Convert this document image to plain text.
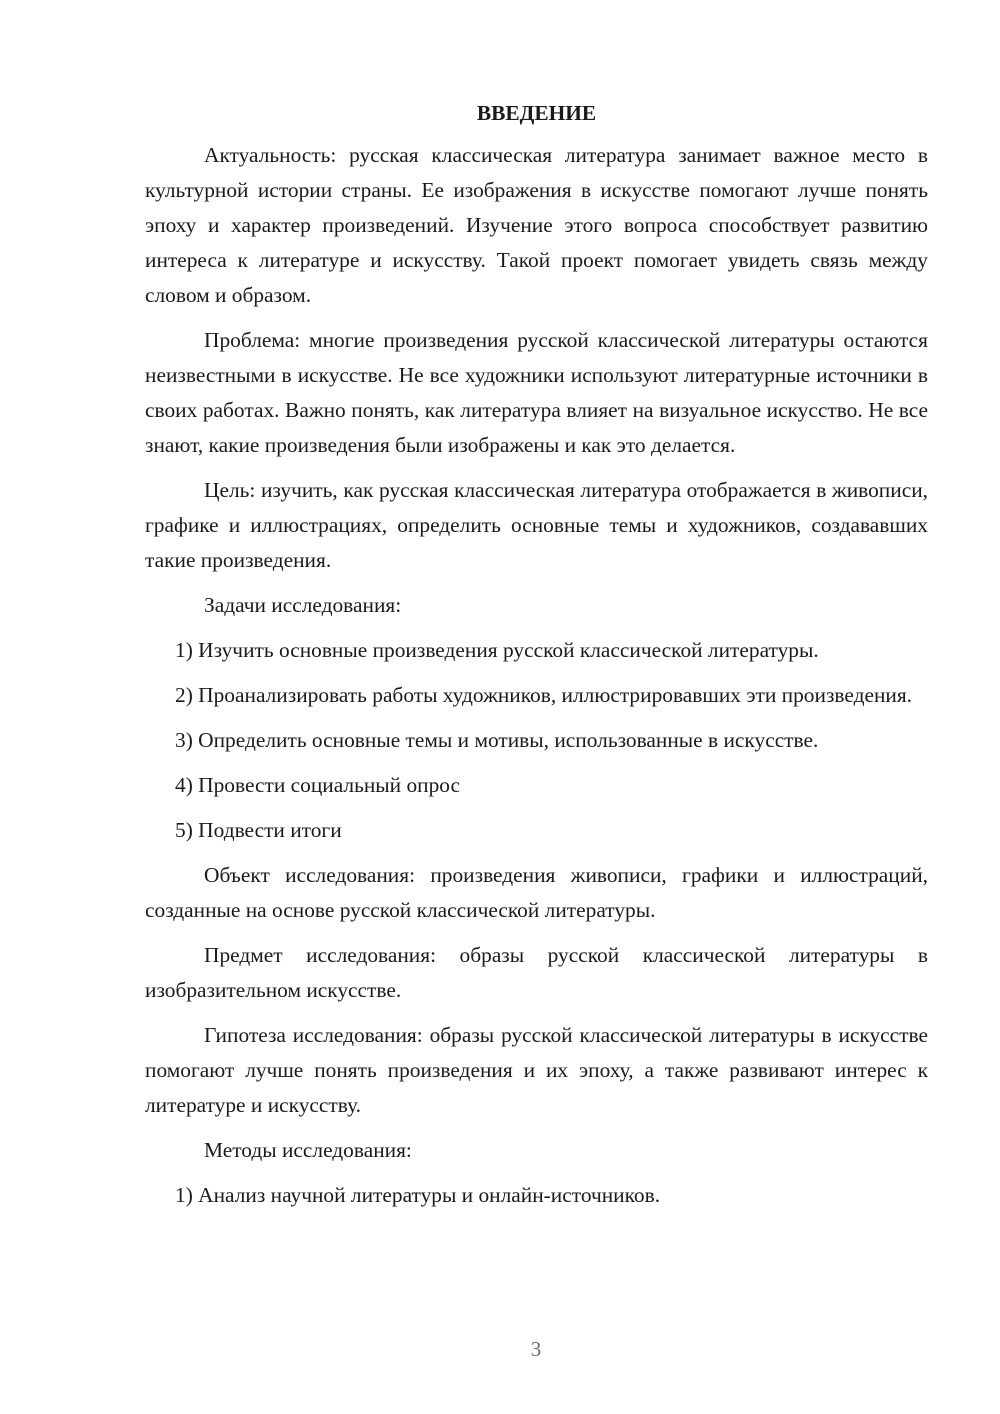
ВВЕДЕНИЕ

Актуальность: русская классическая литература занимает важное место в культурной истории страны. Ее изображения в искусстве помогают лучше понять эпоху и характер произведений. Изучение этого вопроса способствует развитию интереса к литературе и искусству. Такой проект помогает увидеть связь между словом и образом.

Проблема: многие произведения русской классической литературы остаются неизвестными в искусстве. Не все художники используют литературные источники в своих работах. Важно понять, как литература влияет на визуальное искусство. Не все знают, какие произведения были изображены и как это делается.

Цель: изучить, как русская классическая литература отображается в живописи, графике и иллюстрациях, определить основные темы и художников, создававших такие произведения.

Задачи исследования:

1) Изучить основные произведения русской классической литературы.

2) Проанализировать работы художников, иллюстрировавших эти произведения.

3) Определить основные темы и мотивы, использованные в искусстве.

4) Провести социальный опрос

5) Подвести итоги

Объект исследования: произведения живописи, графики и иллюстраций, созданные на основе русской классической литературы.

Предмет исследования: образы русской классической литературы в изобразительном искусстве.

Гипотеза исследования: образы русской классической литературы в искусстве помогают лучше понять произведения и их эпоху, а также развивают интерес к литературе и искусству.

Методы исследования:

1) Анализ научной литературы и онлайн-источников.

3
